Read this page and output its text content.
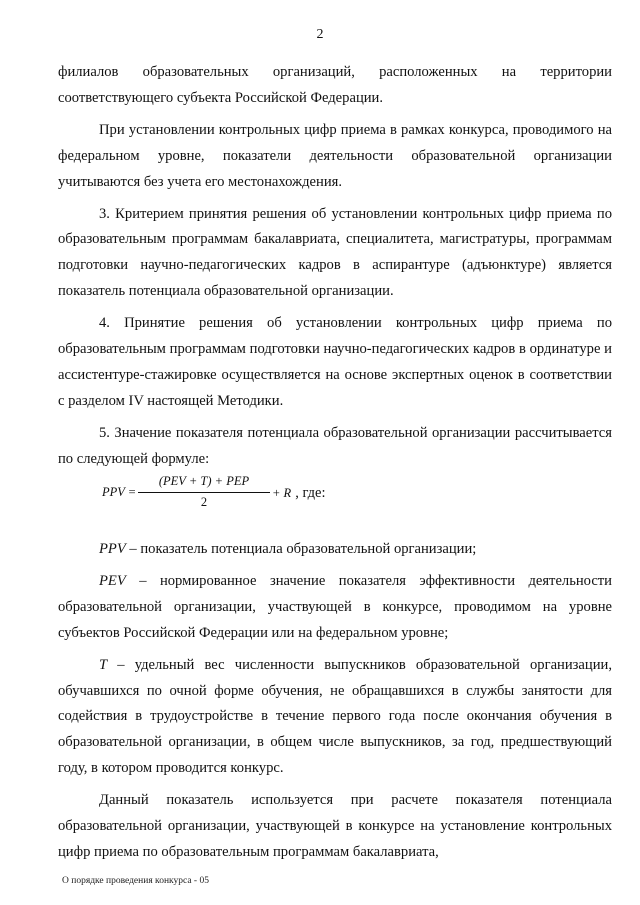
2

филиалов образовательных организаций, расположенных на территории соответствующего субъекта Российской Федерации.

При установлении контрольных цифр приема в рамках конкурса, проводимого на федеральном уровне, показатели деятельности образовательной организации учитываются без учета его местонахождения.

3. Критерием принятия решения об установлении контрольных цифр приема по образовательным программам бакалавриата, специалитета, магистратуры, программам подготовки научно-педагогических кадров в аспирантуре (адъюнктуре) является показатель потенциала образовательной организации.

4. Принятие решения об установлении контрольных цифр приема по образовательным программам подготовки научно-педагогических кадров в ординатуре и ассистентуре-стажировке осуществляется на основе экспертных оценок в соответствии с разделом IV настоящей Методики.

5. Значение показателя потенциала образовательной организации рассчитывается по следующей формуле:

PPV =
(PEV + T) + PEP
2
+ R , где:

PPV – показатель потенциала образовательной организации;

PEV – нормированное значение показателя эффективности деятельности образовательной организации, участвующей в конкурсе, проводимом на уровне субъектов Российской Федерации или на федеральном уровне;

T – удельный вес численности выпускников образовательной организации, обучавшихся по очной форме обучения, не обращавшихся в службы занятости для содействия в трудоустройстве в течение первого года после окончания обучения в образовательной организации, в общем числе выпускников, за год, предшествующий году, в котором проводится конкурс.

Данный показатель используется при расчете показателя потенциала образовательной организации, участвующей в конкурсе на установление контрольных цифр приема по образовательным программам бакалавриата,

О порядке проведения конкурса - 05
